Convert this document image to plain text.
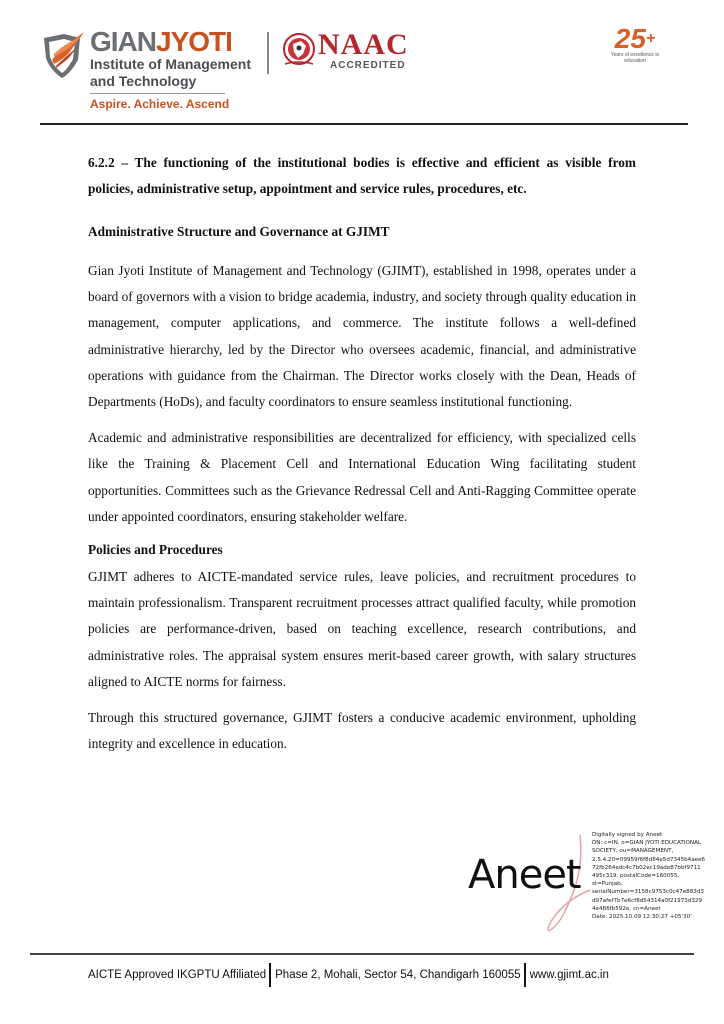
GIANJYOTI
Institute of Management
and Technology
Aspire. Achieve. Ascend
NAAC
ACCREDITED
25+
Years of excellence in education

6.2.2 – The functioning of the institutional bodies is effective and efficient as visible from policies, administrative setup, appointment and service rules, procedures, etc.

Administrative Structure and Governance at GJIMT

Gian Jyoti Institute of Management and Technology (GJIMT), established in 1998, operates under a board of governors with a vision to bridge academia, industry, and society through quality education in management, computer applications, and commerce. The institute follows a well-defined administrative hierarchy, led by the Director who oversees academic, financial, and administrative operations with guidance from the Chairman. The Director works closely with the Dean, Heads of Departments (HoDs), and faculty coordinators to ensure seamless institutional functioning.

Academic and administrative responsibilities are decentralized for efficiency, with specialized cells like the Training & Placement Cell and International Education Wing facilitating student opportunities. Committees such as the Grievance Redressal Cell and Anti-Ragging Committee operate under appointed coordinators, ensuring stakeholder welfare.

Policies and Procedures

GJIMT adheres to AICTE-mandated service rules, leave policies, and recruitment procedures to maintain professionalism. Transparent recruitment processes attract qualified faculty, while promotion policies are performance-driven, based on teaching excellence, research contributions, and administrative roles. The appraisal system ensures merit-based career growth, with salary structures aligned to AICTE norms for fairness.

Through this structured governance, GJIMT fosters a conducive academic environment, upholding integrity and excellence in education.

Aneet
Digitally signed by Aneet
DN: c=IN, o=GIAN JYOTI EDUCATIONAL
SOCIETY, ou=MANAGEMENT,
2.5.4.20=09959f6f8d84e5d7345b4aee6
72fb264edc4c7b02ec19ade87bbf9711
495c319, postalCode=160055,
st=Punjab,
serialNumber=3158c9753c0c47e883d3
d97afef7b7e6cf8d54314a0f21973d329
4e486fb592e, cn=Aneet
Date: 2025.10.09 12:30:27 +05'30'
AICTE Approved IKGPTU Affiliated Phase 2, Mohali, Sector 54, Chandigarh 160055 www.gjimt.ac.in
